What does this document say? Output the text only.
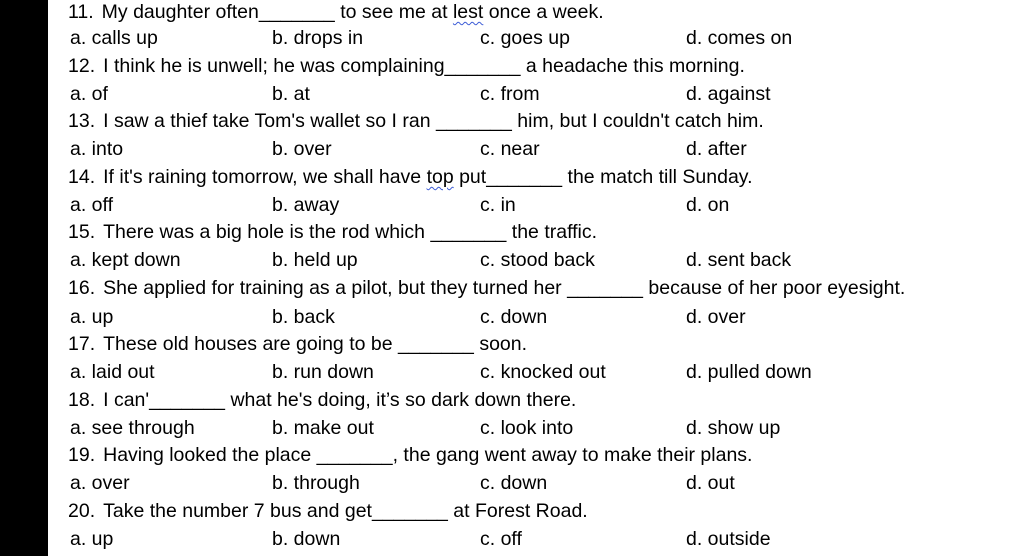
11. My daughter often_______ to see me at lest once a week.
a. calls up	b. drops in	c. goes up	d. comes on
12. I think he is unwell; he was complaining_______ a headache this morning.
a. of	b. at	c. from	d. against
13. I saw a thief take Tom's wallet so I ran _______ him, but I couldn't catch him.
a. into	b. over	c. near	d. after
14. If it's raining tomorrow, we shall have top put_______ the match till Sunday.
a. off	b. away	c. in	d. on
15. There was a big hole is the rod which _______ the traffic.
a. kept down	b. held up	c. stood back	d. sent back
16. She applied for training as a pilot, but they turned her _______ because of her poor eyesight.
a. up	b. back	c. down	d. over
17. These old houses are going to be _______ soon.
a. laid out	b. run down	c. knocked out	d. pulled down
18. I can'_______ what he's doing, it’s so dark down there.
a. see through	b. make out	c. look into	d. show up
19. Having looked the place _______, the gang went away to make their plans.
a. over	b. through	c. down	d. out
20. Take the number 7 bus and get_______ at Forest Road.
a. up	b. down	c. off	d. outside
